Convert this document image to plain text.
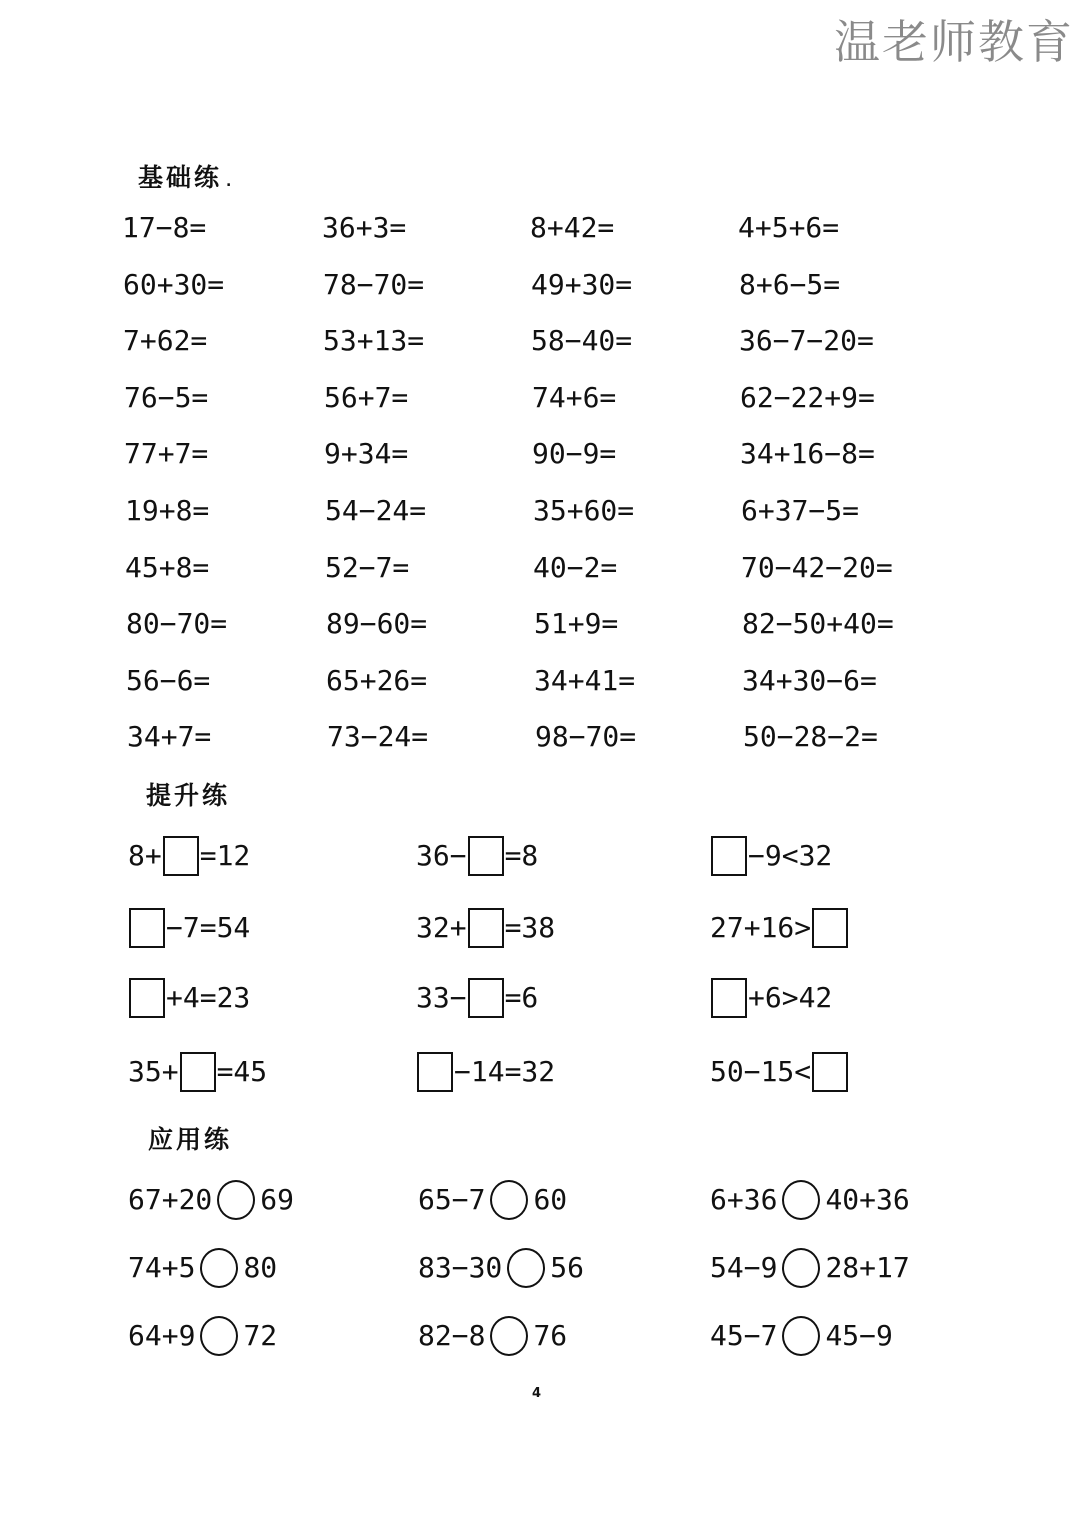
温老师教育
基础练 .
17−8=	36+3=	8+42=	4+5+6=
60+30=	78−70=	49+30=	8+6−5=
7+62=	53+13=	58−40=	36−7−20=
76−5=	56+7=	74+6=	62−22+9=
77+7=	9+34=	90−9=	34+16−8=
19+8=	54−24=	35+60=	6+37−5=
45+8=	52−7=	40−2=	70−42−20=
80−70=	89−60=	51+9=	82−50+40=
56−6=	65+26=	34+41=	34+30−6=
34+7=	73−24=	98−70=	50−28−2=
提升练
8+ =12	36− =8	−9<32
−7=54	32+ =38	27+16>
+4=23	33− =6	+6>42
35+ =45	−14=32	50−15<
应用练
67+20 69	65−7 60	6+36 40+36
74+5 80	83−30 56	54−9 28+17
64+9 72	82−8 76	45−7 45−9
4
